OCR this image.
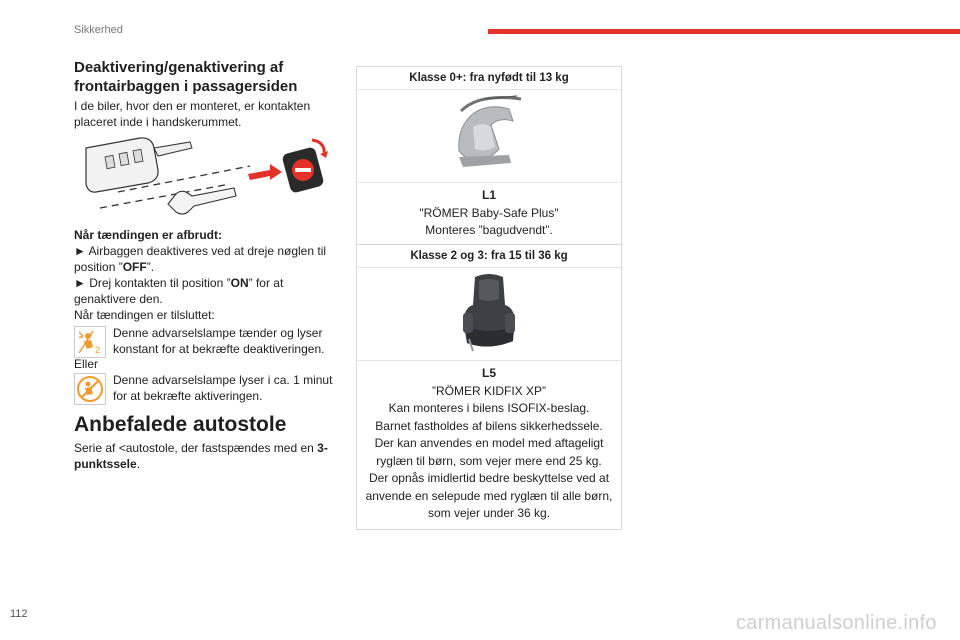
Sikkerhed
Deaktivering/genaktivering af frontairbaggen i passagersiden
I de biler, hvor den er monteret, er kontakten placeret inde i handskerummet.
Når tændingen er afbrudt:
► Airbaggen deaktiveres ved at dreje nøglen til position ”OFF”.
► Drej kontakten til position ”ON” for at genaktivere den.
Når tændingen er tilsluttet:
2
Denne advarselslampe tænder og lyser konstant for at bekræfte deaktiveringen.
Eller
Denne advarselslampe lyser i ca. 1 minut for at bekræfte aktiveringen.
Anbefalede autostole
Serie af <autostole, der fastspændes med en 3-punktssele.
Klasse 0+: fra nyfødt til 13 kg
L1
"RÖMER Baby-Safe Plus"
Monteres ”bagudvendt”.
Klasse 2 og 3: fra 15 til 36 kg
L5
”RÖMER KIDFIX XP”
Kan monteres i bilens ISOFIX-beslag.
Barnet fastholdes af bilens sikkerhedssele.
Der kan anvendes en model med aftageligt ryglæn til børn, som vejer mere end 25 kg.
Der opnås imidlertid bedre beskyttelse ved at anvende en selepude med ryglæn til alle børn, som vejer under 36 kg.
112	carmanualsonline.info
